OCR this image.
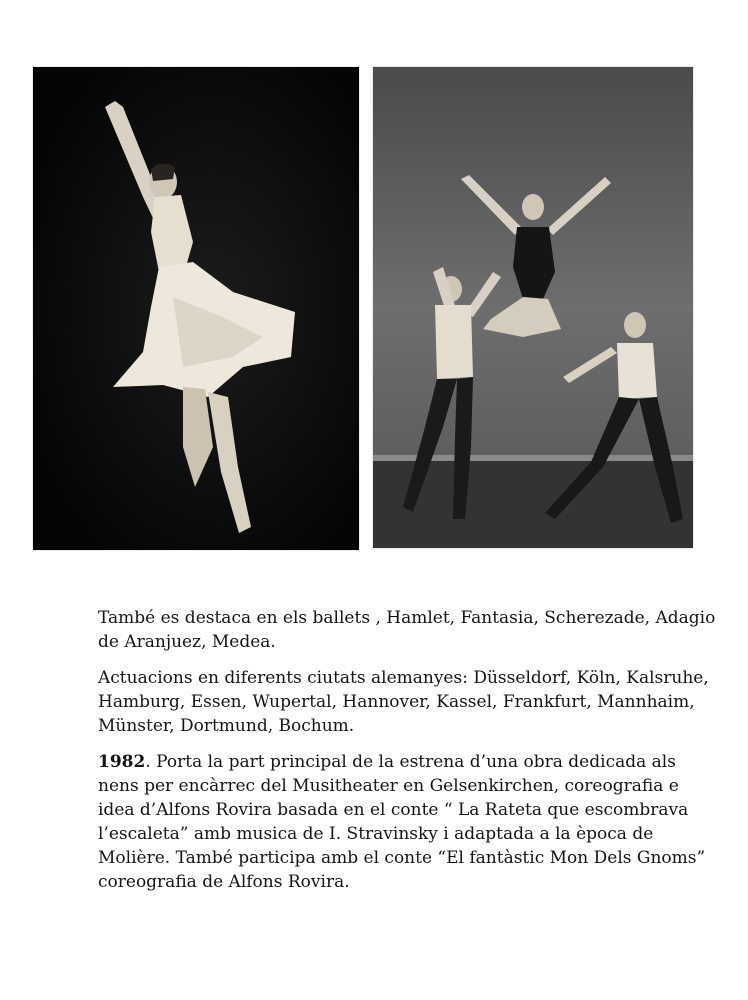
També es destaca en els ballets , Hamlet, Fantasia, Scherezade, Adagio de Aranjuez, Medea.

Actuacions en diferents ciutats alemanyes: Düsseldorf, Köln, Kalsruhe, Hamburg, Essen, Wupertal, Hannover, Kassel, Frankfurt, Mannhaim, Münster, Dortmund, Bochum.

1982. Porta la part principal de la estrena d’una obra dedicada als nens per encàrrec del Musitheater en Gelsenkirchen, coreografia e idea d’Alfons Rovira basada en el conte “ La Rateta que escombrava l’escaleta” amb musica de I. Stravinsky i adaptada a la època de Molière. També participa amb el conte “El fantàstic Mon Dels Gnoms” coreografia de Alfons Rovira.
